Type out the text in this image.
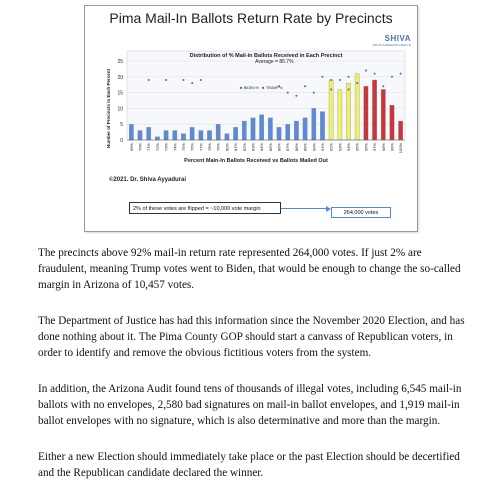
Pima Mail-In Ballots Return Rate by Precincts
SHIVA
TRUTH FREEDOM HEALTH
Distribution of % Mail-in Ballots Received in Each Precinct
0
5
10
15
20
25
Number of Precincts in Each Percent	69% 70% 71% 72% 73% 74% 75% 76% 77% 78% 79% 80% 81% 82% 83% 84% 85% 86% 87% 88% 89% 90% 91% 92% 93% 94% 95% 96% 97% 98% 99% 100%
Average = 86.7%
BIDEN % TRUMP %
Percent Main-In Ballots Received vs Ballots Mailed Out
©2021. Dr. Shiva Ayyadurai
2% of these votes are flipped = ~10,000 vote margin
264,000 votes

The precincts above 92% mail-in return rate represented 264,000 votes. If just 2% are fraudulent, meaning Trump votes went to Biden, that would be enough to change the so-called margin in Arizona of 10,457 votes.

The Department of Justice has had this information since the November 2020 Election, and has done nothing about it. The Pima County GOP should start a canvass of Republican voters, in order to identify and remove the obvious fictitious voters from the system.

In addition, the Arizona Audit found tens of thousands of illegal votes, including 6,545 mail-in ballots with no envelopes, 2,580 bad signatures on mail-in ballot envelopes, and 1,919 mail-in ballot envelopes with no signature, which is also determinative and more than the margin.

Either a new Election should immediately take place or the past Election should be decertified and the Republican candidate declared the winner.
